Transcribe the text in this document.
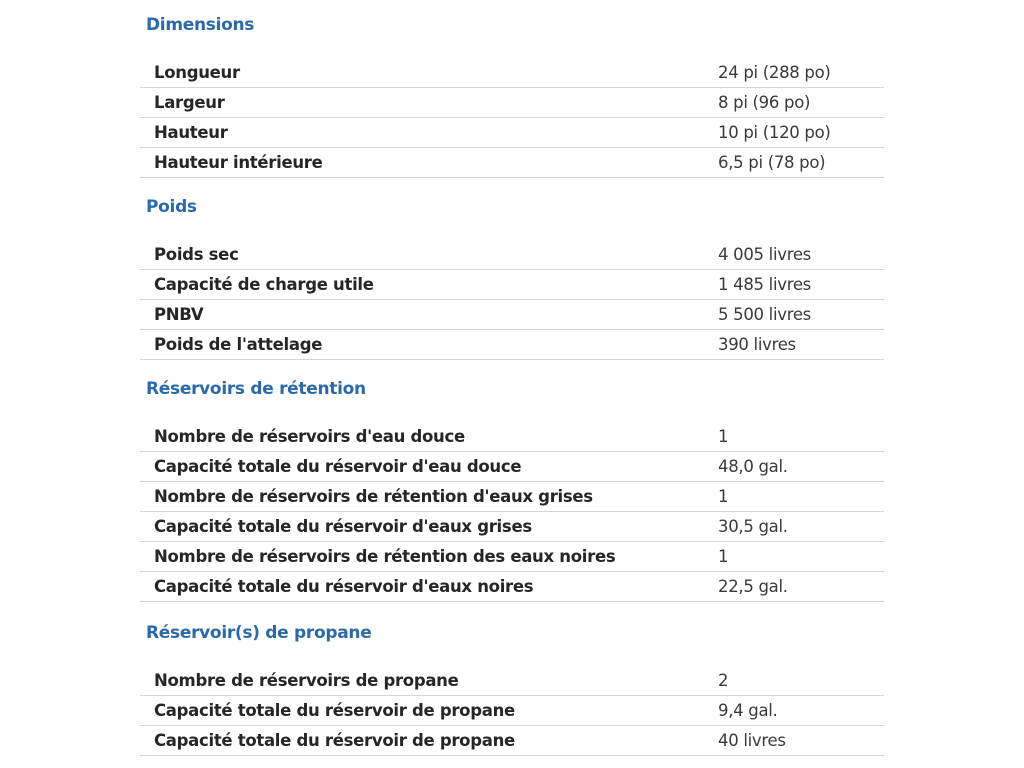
Dimensions
Longueur	24 pi (288 po)
Largeur	8 pi (96 po)
Hauteur	10 pi (120 po)
Hauteur intérieure	6,5 pi (78 po)
Poids
Poids sec	4 005 livres
Capacité de charge utile	1 485 livres
PNBV	5 500 livres
Poids de l'attelage	390 livres
Réservoirs de rétention
Nombre de réservoirs d'eau douce	1
Capacité totale du réservoir d'eau douce	48,0 gal.
Nombre de réservoirs de rétention d'eaux grises	1
Capacité totale du réservoir d'eaux grises	30,5 gal.
Nombre de réservoirs de rétention des eaux noires	1
Capacité totale du réservoir d'eaux noires	22,5 gal.
Réservoir(s) de propane
Nombre de réservoirs de propane	2
Capacité totale du réservoir de propane	9,4 gal.
Capacité totale du réservoir de propane	40 livres
